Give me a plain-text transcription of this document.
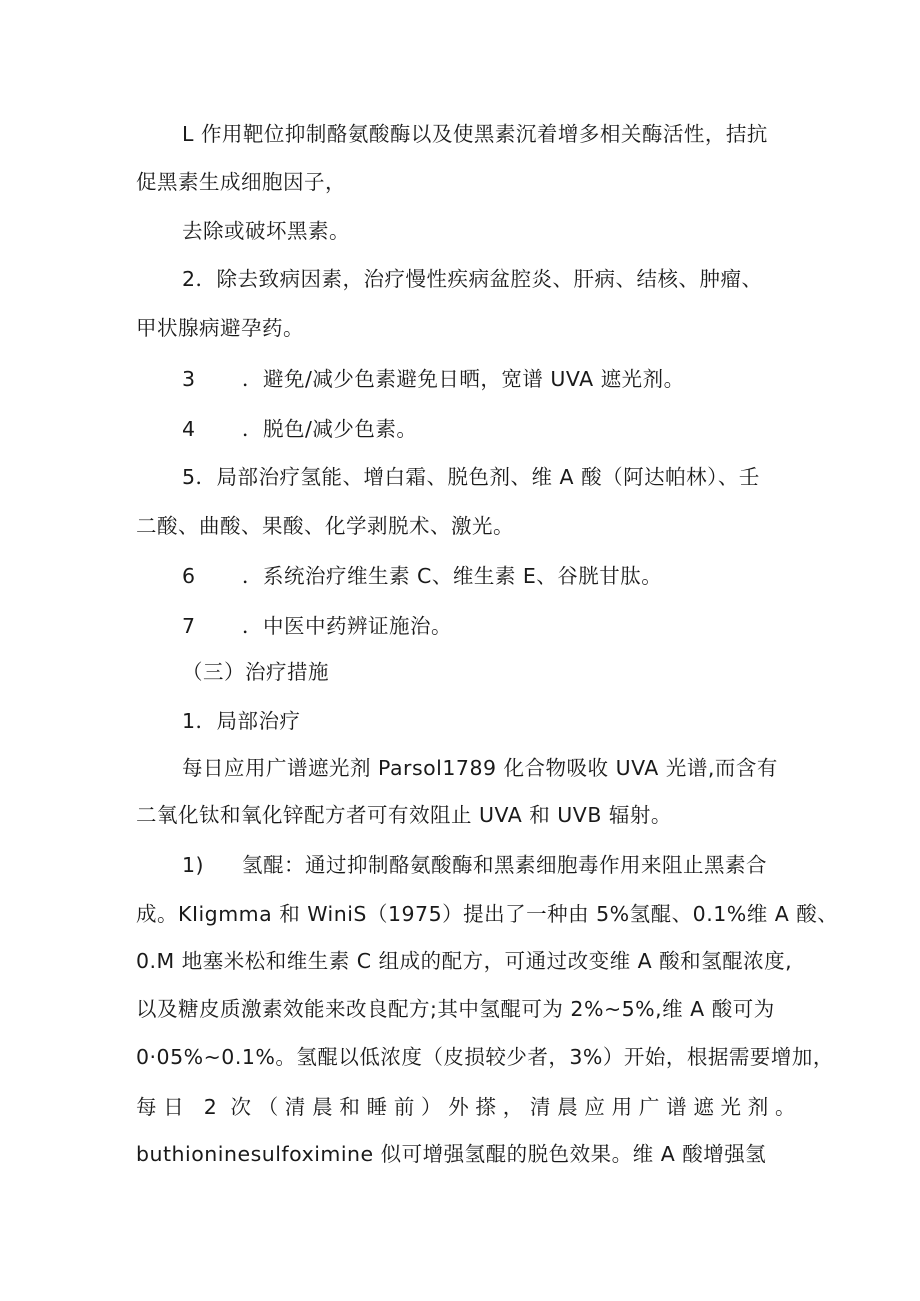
L 作用靶位抑制酪氨酸酶以及使黑素沉着增多相关酶活性，拮抗
促黑素生成细胞因子，
去除或破坏黑素。
2．除去致病因素，治疗慢性疾病盆腔炎、肝病、结核、肿瘤、
甲状腺病避孕药。
3 ．避免/减少色素避免日晒，宽谱 UVA 遮光剂。
4 ．脱色/减少色素。
5．局部治疗氢能、增白霜、脱色剂、维 A 酸（阿达帕林）、壬
二酸、曲酸、果酸、化学剥脱术、激光。
6 ．系统治疗维生素 C、维生素 E、谷胱甘肽。
7 ．中医中药辨证施治。
（三）治疗措施
1．局部治疗
每日应用广谱遮光剂 Parsol1789 化合物吸收 UVA 光谱,而含有
二氧化钛和氧化锌配方者可有效阻止 UVA 和 UVB 辐射。
1) 氢醌：通过抑制酪氨酸酶和黑素细胞毒作用来阻止黑素合
成。KIigmma 和 WiniS（1975）提出了一种由 5%氢醌、0.1%维 A 酸、
0.M 地塞米松和维生素 C 组成的配方，可通过改变维 A 酸和氢醌浓度,
以及糖皮质激素效能来改良配方;其中氢醌可为 2%~5%,维 A 酸可为
0·05%~0.1%。氢醌以低浓度（皮损较少者，3%）开始，根据需要增加，
每日 2 次（清晨和睡前）外搽，清晨应用广谱遮光剂。
buthioninesulfoximine 似可增强氢醌的脱色效果。维 A 酸增强氢
